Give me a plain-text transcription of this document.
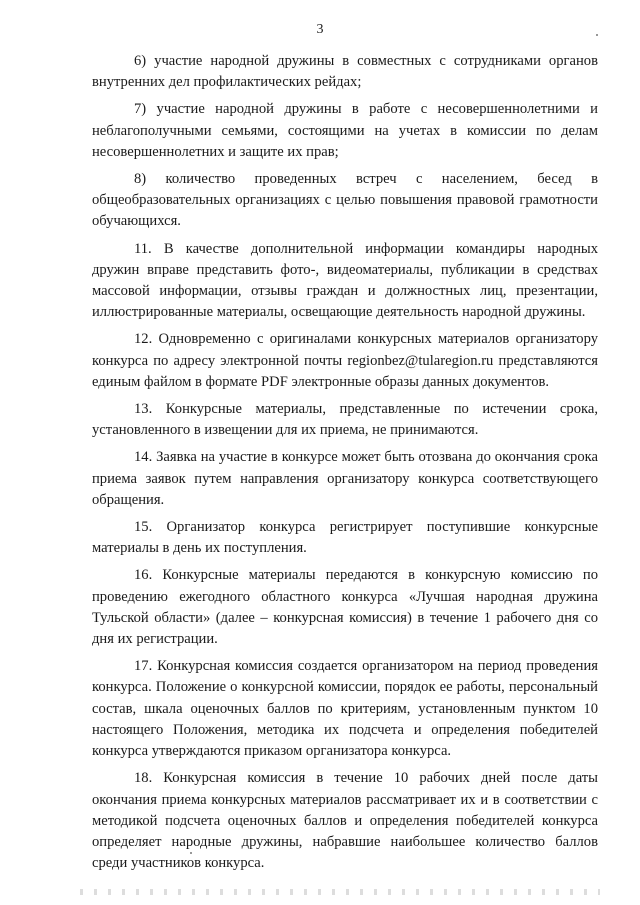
3

6) участие народной дружины в совместных с сотрудниками органов внутренних дел профилактических рейдах;

7) участие народной дружины в работе с несовершеннолетними и неблагополучными семьями, состоящими на учетах в комиссии по делам несовершеннолетних и защите их прав;

8) количество проведенных встреч с населением, бесед в общеобразовательных организациях с целью повышения правовой грамотности обучающихся.

11. В качестве дополнительной информации командиры народных дружин вправе представить фото-, видеоматериалы, публикации в средствах массовой информации, отзывы граждан и должностных лиц, презентации, иллюстрированные материалы, освещающие деятельность народной дружины.

12. Одновременно с оригиналами конкурсных материалов организатору конкурса по адресу электронной почты regionbez@tularegion.ru представляются единым файлом в формате PDF электронные образы данных документов.

13. Конкурсные материалы, представленные по истечении срока, установленного в извещении для их приема, не принимаются.

14. Заявка на участие в конкурсе может быть отозвана до окончания срока приема заявок путем направления организатору конкурса соответствующего обращения.

15. Организатор конкурса регистрирует поступившие конкурсные материалы в день их поступления.

16. Конкурсные материалы передаются в конкурсную комиссию по проведению ежегодного областного конкурса «Лучшая народная дружина Тульской области» (далее – конкурсная комиссия) в течение 1 рабочего дня со дня их регистрации.

17. Конкурсная комиссия создается организатором на период проведения конкурса. Положение о конкурсной комиссии, порядок ее работы, персональный состав, шкала оценочных баллов по критериям, установленным пунктом 10 настоящего Положения, методика их подсчета и определения победителей конкурса утверждаются приказом организатора конкурса.

18. Конкурсная комиссия в течение 10 рабочих дней после даты окончания приема конкурсных материалов рассматривает их и в соответствии с методикой подсчета оценочных баллов и определения победителей конкурса определяет народные дружины, набравшие наибольшее количество баллов среди участников конкурса.
